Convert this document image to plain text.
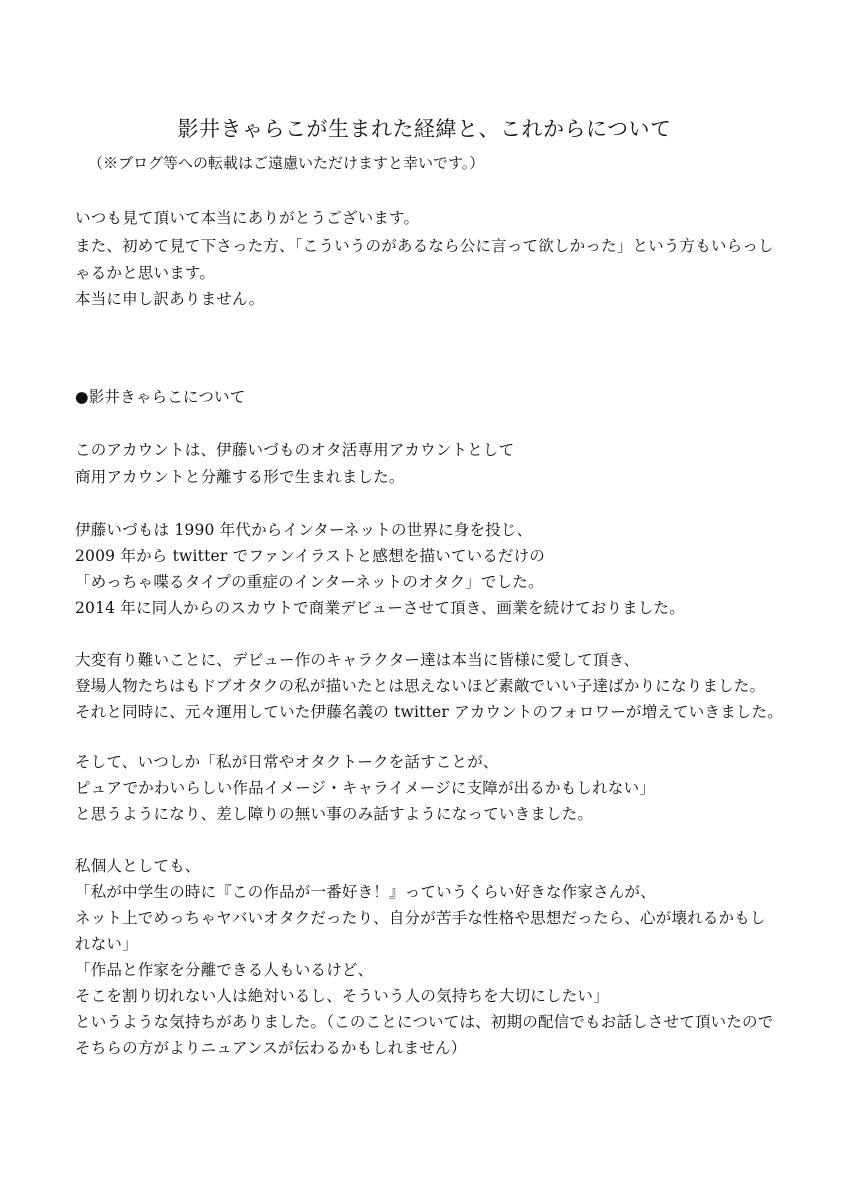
影井きゃらこが生まれた経緯と、これからについて
（※ブログ等への転載はご遠慮いただけますと幸いです。）
いつも見て頂いて本当にありがとうございます。
また、初めて見て下さった方、「こういうのがあるなら公に言って欲しかった」という方もいらっし
ゃるかと思います。
本当に申し訳ありません。
●影井きゃらこについて
このアカウントは、伊藤いづものオタ活専用アカウントとして
商用アカウントと分離する形で生まれました。
伊藤いづもは 1990 年代からインターネットの世界に身を投じ、
2009 年から twitter でファンイラストと感想を描いているだけの
「めっちゃ喋るタイプの重症のインターネットのオタク」でした。
2014 年に同人からのスカウトで商業デビューさせて頂き、画業を続けておりました。
大変有り難いことに、デビュー作のキャラクター達は本当に皆様に愛して頂き、
登場人物たちはもドブオタクの私が描いたとは思えないほど素敵でいい子達ばかりになりました。
それと同時に、元々運用していた伊藤名義の twitter アカウントのフォロワーが増えていきました。
そして、いつしか「私が日常やオタクトークを話すことが、
ピュアでかわいらしい作品イメージ・キャライメージに支障が出るかもしれない」
と思うようになり、差し障りの無い事のみ話すようになっていきました。
私個人としても、
「私が中学生の時に『この作品が一番好き！』っていうくらい好きな作家さんが、
ネット上でめっちゃヤバいオタクだったり、自分が苦手な性格や思想だったら、心が壊れるかもし
れない」
「作品と作家を分離できる人もいるけど、
そこを割り切れない人は絶対いるし、そういう人の気持ちを大切にしたい」
というような気持ちがありました。（このことについては、初期の配信でもお話しさせて頂いたので
そちらの方がよりニュアンスが伝わるかもしれません）
